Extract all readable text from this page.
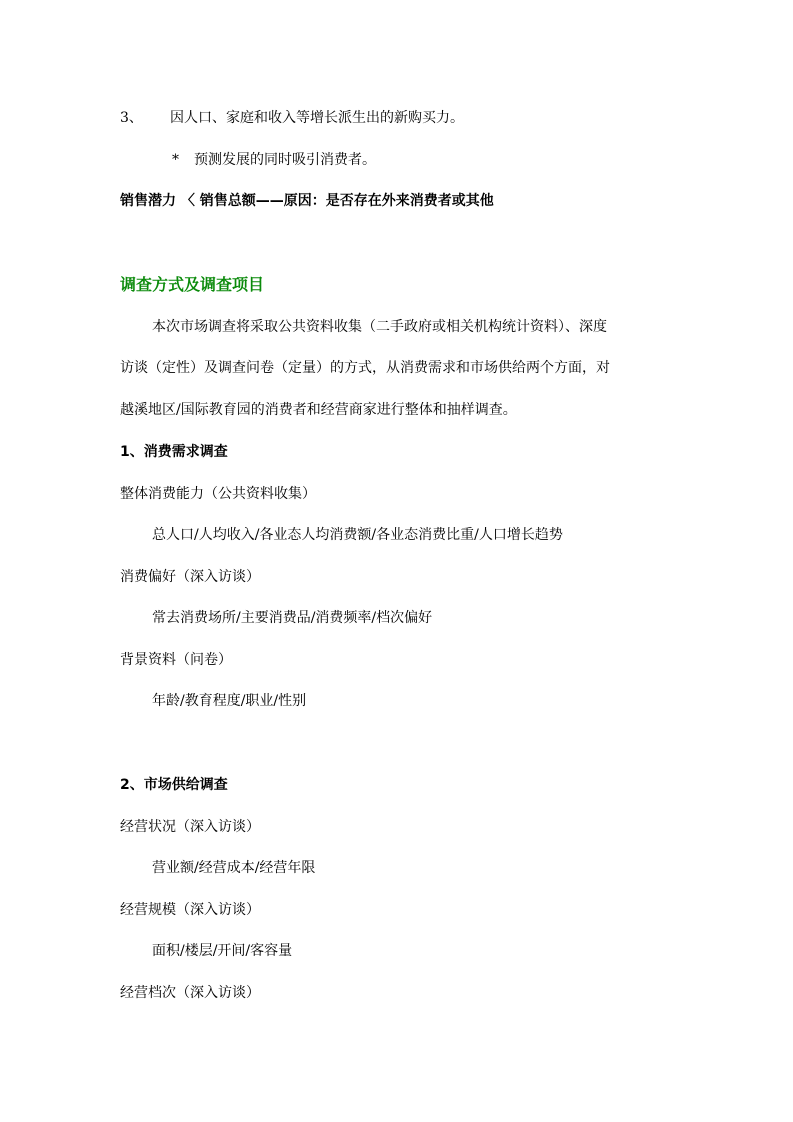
3、 因人口、家庭和收入等增长派生出的新购买力。
* 预测发展的同时吸引消费者。
销售潜力 〈 销售总额——原因：是否存在外来消费者或其他
调查方式及调查项目
本次市场调查将采取公共资料收集（二手政府或相关机构统计资料）、深度
访谈（定性）及调查问卷（定量）的方式，从消费需求和市场供给两个方面，对
越溪地区/国际教育园的消费者和经营商家进行整体和抽样调查。
1、消费需求调查
整体消费能力（公共资料收集）
总人口/人均收入/各业态人均消费额/各业态消费比重/人口增长趋势
消费偏好（深入访谈）
常去消费场所/主要消费品/消费频率/档次偏好
背景资料（问卷）
年龄/教育程度/职业/性别
2、市场供给调查
经营状况（深入访谈）
营业额/经营成本/经营年限
经营规模（深入访谈）
面积/楼层/开间/客容量
经营档次（深入访谈）
